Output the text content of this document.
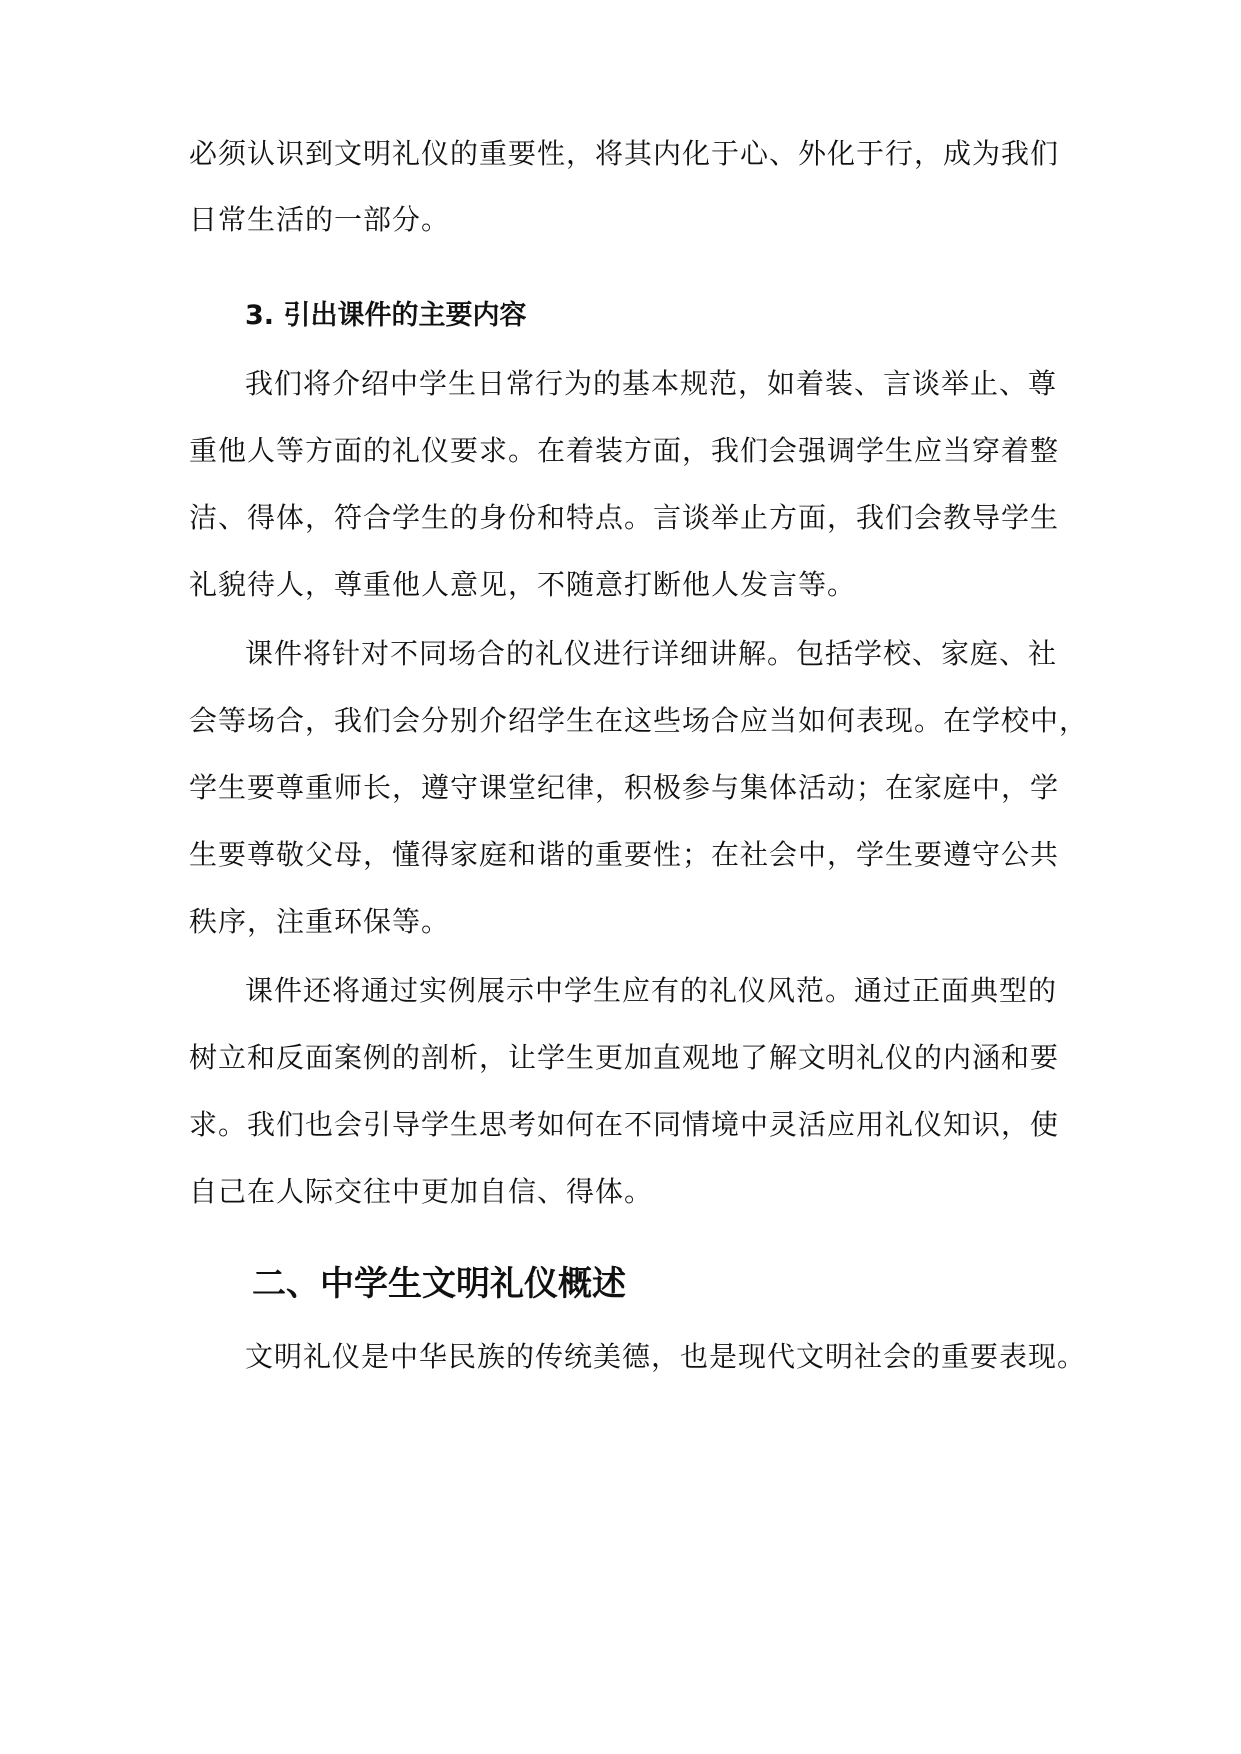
必须认识到文明礼仪的重要性，将其内化于心、外化于行，成为我们
日常生活的一部分。
3. 引出课件的主要内容
我们将介绍中学生日常行为的基本规范，如着装、言谈举止、尊
重他人等方面的礼仪要求。在着装方面，我们会强调学生应当穿着整
洁、得体，符合学生的身份和特点。言谈举止方面，我们会教导学生
礼貌待人，尊重他人意见，不随意打断他人发言等。
课件将针对不同场合的礼仪进行详细讲解。包括学校、家庭、社
会等场合，我们会分别介绍学生在这些场合应当如何表现。在学校中，
学生要尊重师长，遵守课堂纪律，积极参与集体活动；在家庭中，学
生要尊敬父母，懂得家庭和谐的重要性；在社会中，学生要遵守公共
秩序，注重环保等。
课件还将通过实例展示中学生应有的礼仪风范。通过正面典型的
树立和反面案例的剖析，让学生更加直观地了解文明礼仪的内涵和要
求。我们也会引导学生思考如何在不同情境中灵活应用礼仪知识，使
自己在人际交往中更加自信、得体。
二、中学生文明礼仪概述
文明礼仪是中华民族的传统美德，也是现代文明社会的重要表现。
